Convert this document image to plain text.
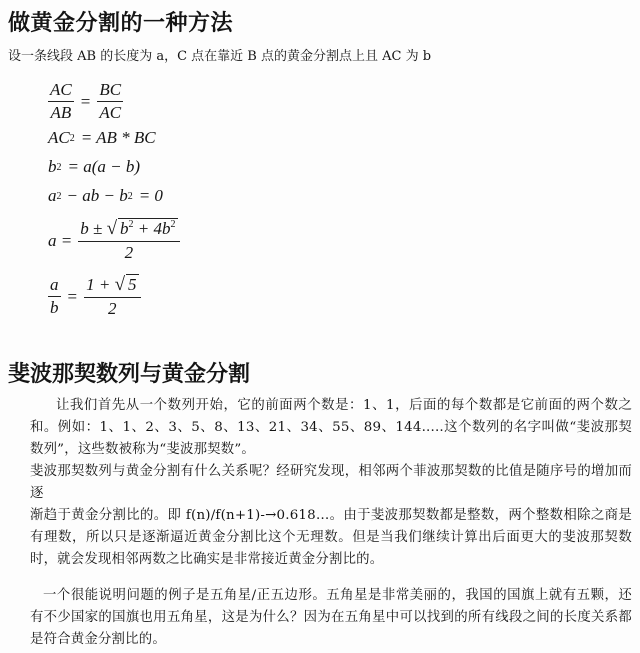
做黄金分割的一种方法
设一条线段 AB 的长度为 a，C 点在靠近 B 点的黄金分割点上且 AC 为 b
$\frac{AC}{AB} = \frac{BC}{AC}$
AC 2 = AB * BC
b 2 = a(a − b)
a 2 − ab − b 2 = 0
$a = \frac{b \pm √ b^2 + 4b^2}{2}$
$\frac{a}{b} = \frac{1 + √ 5}{2}$
斐波那契数列与黄金分割
让我们首先从一个数列开始，它的前面两个数是：1、1，后面的每个数都是它前面的两个数之和。例如：1、1、2、3、5、8、13、21、34、55、89、144.....这个数列的名字叫做“斐波那契数列”，这些数被称为“斐波那契数”。
斐波那契数列与黄金分割有什么关系呢？经研究发现，相邻两个菲波那契数的比值是随序号的增加而逐
渐趋于黄金分割比的。即 f(n)/f(n+1)-→0.618…。由于斐波那契数都是整数，两个整数相除之商是有理数，所以只是逐渐逼近黄金分割比这个无理数。但是当我们继续计算出后面更大的斐波那契数时，就会发现相邻两数之比确实是非常接近黄金分割比的。
一个很能说明问题的例子是五角星/正五边形。五角星是非常美丽的，我国的国旗上就有五颗，还有不少国家的国旗也用五角星，这是为什么？因为在五角星中可以找到的所有线段之间的长度关系都是符合黄金分割比的。
